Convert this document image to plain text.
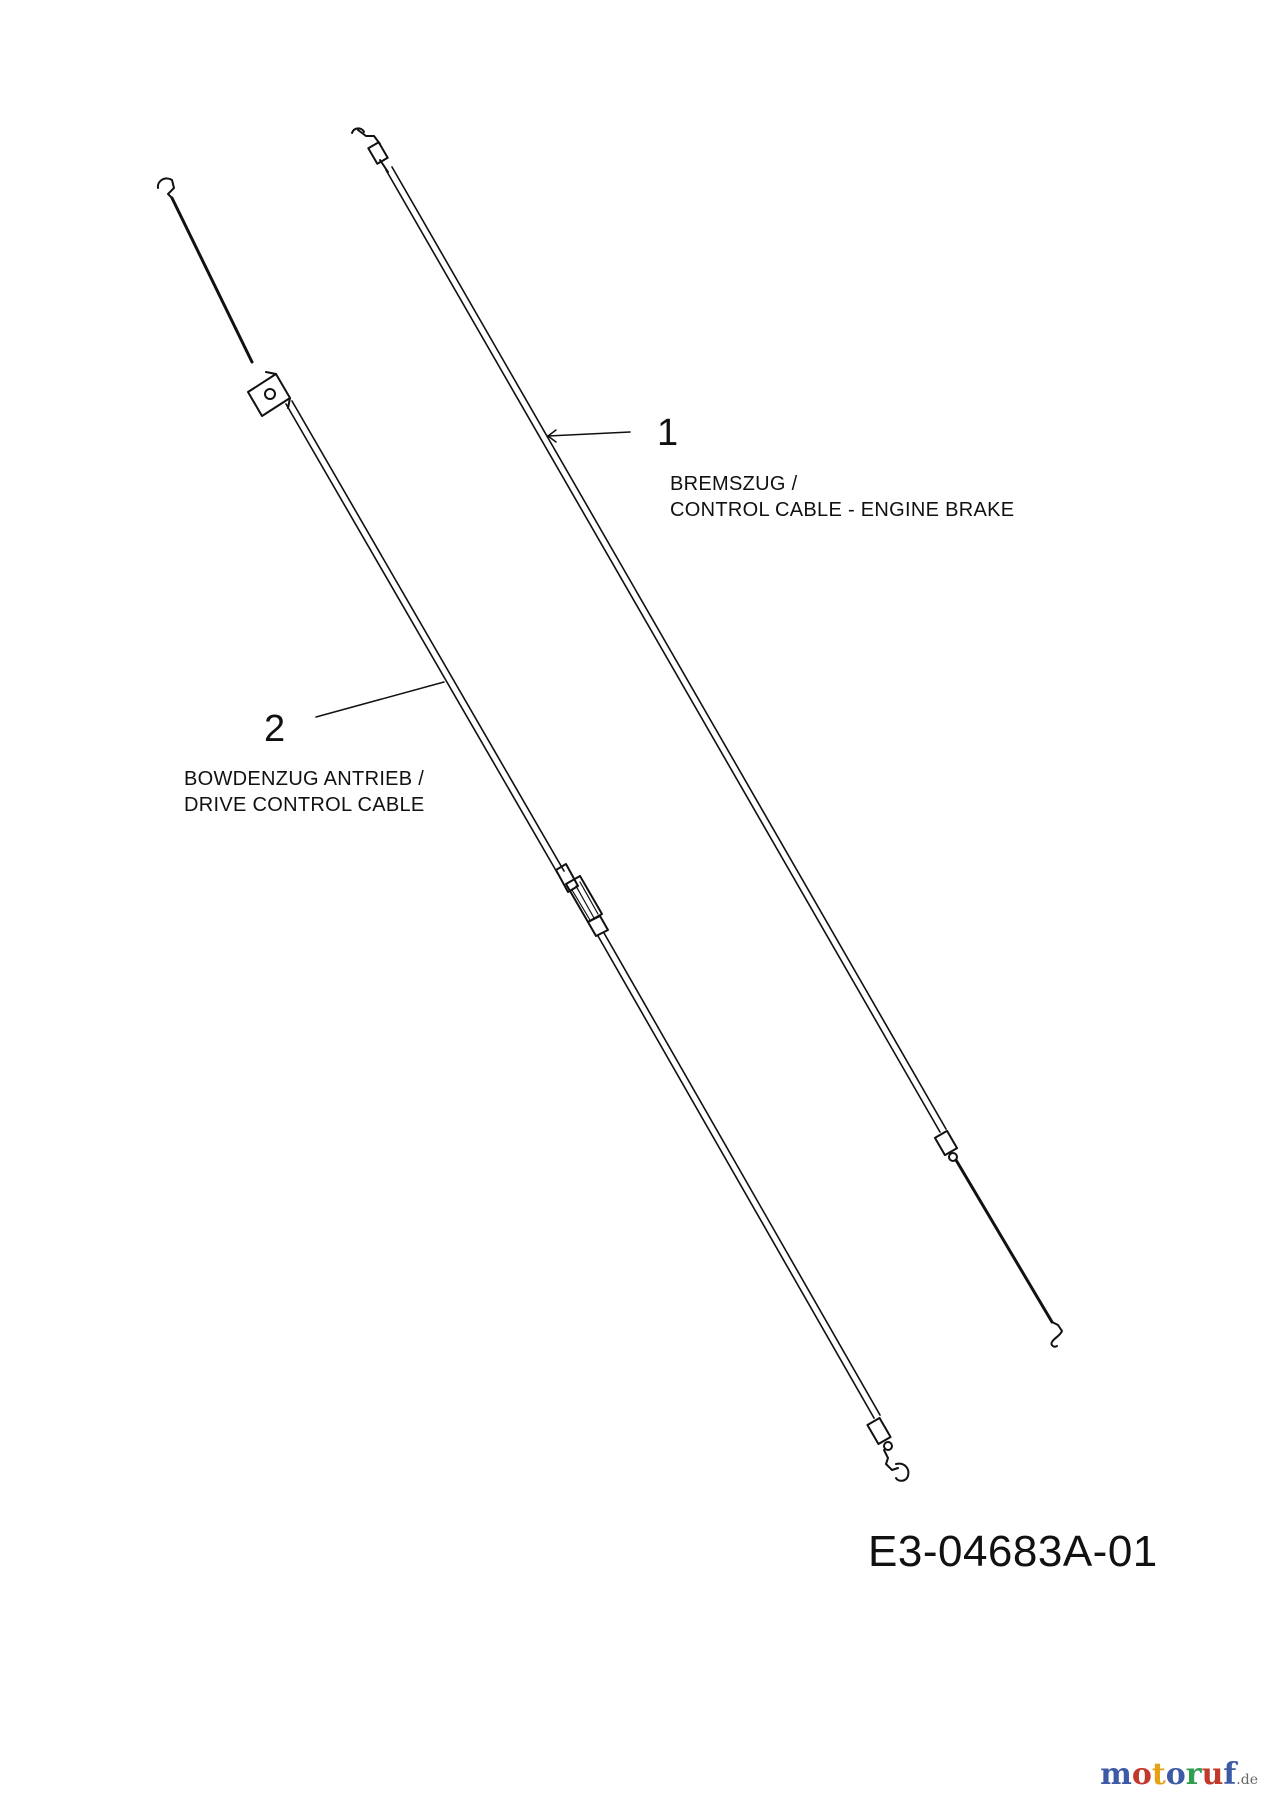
1
BREMSZUG /
CONTROL CABLE - ENGINE BRAKE
2
BOWDENZUG ANTRIEB /
DRIVE CONTROL CABLE
E3-04683A-01
motoruf.de
